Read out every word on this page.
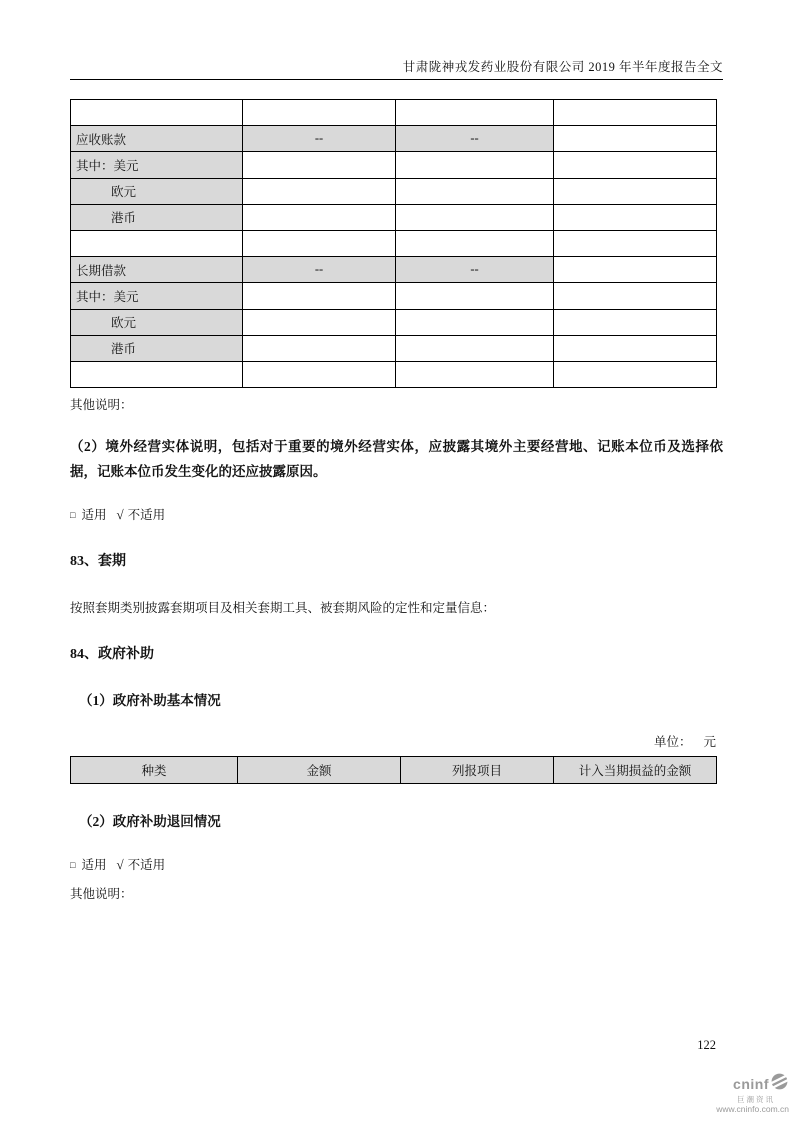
甘肃陇神戎发药业股份有限公司 2019 年半年度报告全文

应收账款	--	--	
其中：美元			
欧元			
港币			

长期借款	--	--	
其中：美元			
欧元			
港币			

其他说明：
（2）境外经营实体说明，包括对于重要的境外经营实体，应披露其境外主要经营地、记账本位币及选择依据，记账本位币发生变化的还应披露原因。
□ 适用 √ 不适用
83、套期
按照套期类别披露套期项目及相关套期工具、被套期风险的定性和定量信息：
84、政府补助
（1）政府补助基本情况
单位： 元
种类	金额	列报项目	计入当期损益的金额
（2）政府补助退回情况
□ 适用 √ 不适用
其他说明：
122
cninf
巨潮资讯
www.cninfo.com.cn
